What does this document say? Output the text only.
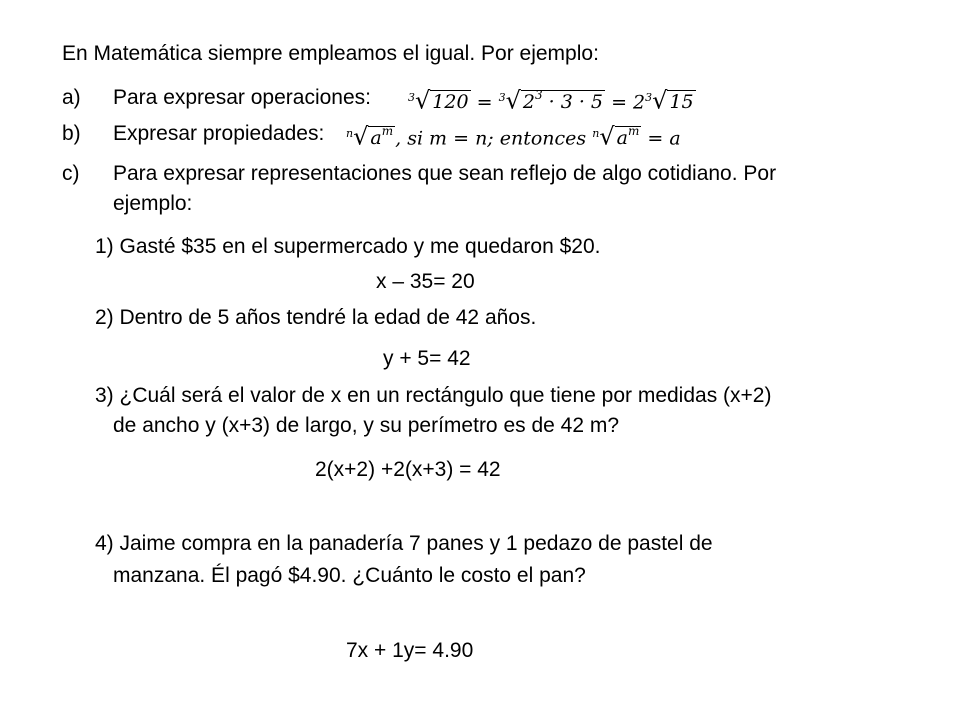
En Matemática siempre empleamos el igual. Por ejemplo:
a) Para expresar operaciones:	$^3$√ 120 = $^3$√ $2^3 \cdot 3 \cdot 5 = 2^3√$ 15
b) Expresar propiedades: $^n$√ $a^m$ , si m = n; entonces $^n$√ $a^m = a$
c) Para expresar representaciones que sean reflejo de algo cotidiano. Por
ejemplo:
1) Gasté $35 en el supermercado y me quedaron $20.
x – 35= 20
2) Dentro de 5 años tendré la edad de 42 años.
y + 5= 42
3) ¿Cuál será el valor de x en un rectángulo que tiene por medidas (x+2)
de ancho y (x+3) de largo, y su perímetro es de 42 m?
2(x+2) +2(x+3) = 42
4) Jaime compra en la panadería 7 panes y 1 pedazo de pastel de
manzana. Él pagó $4.90. ¿Cuánto le costo el pan?
7x + 1y= 4.90
